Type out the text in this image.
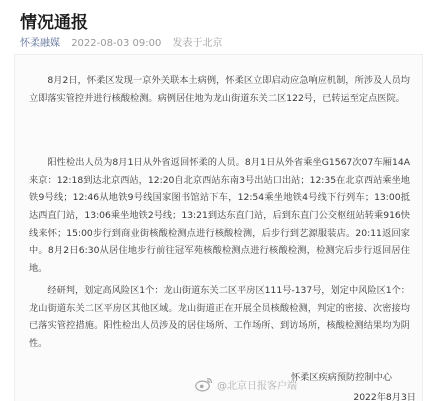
情况通报
怀柔融媒 2022-08-03 09:00 发表于北京

8月2日，怀柔区发现一京外关联本土病例，怀柔区立即启动应急响应机制，所涉及人员均立即落实管控并进行核酸检测。病例居住地为龙山街道东关二区122号，已转运至定点医院。

阳性检出人员为8月1日从外省返回怀柔的人员。8月1日从外省乘坐G1567次07车厢14A来京：12:18到达北京西站，12:20自北京西站东南3号出站口出站；12:35在北京西站乘坐地铁9号线；12:46从地铁9号线国家图书馆站下车，12:54乘坐地铁4号线下行列车；13:00抵达西直门站，13:06乘坐地铁2号线；13:21到达东直门站，后到东直门公交枢纽站转乘916快线来怀；15:00步行到商业街核酸检测点进行核酸检测，后步行到艺源服装店。20:11返回家中。8月2日6:30从居住地步行前往冠军苑核酸检测点进行核酸检测，检测完后步行返回居住地。

经研判，划定高风险区1个：龙山街道东关二区平房区111号-137号，划定中风险区1个：龙山街道东关二区平房区其他区域。龙山街道正在开展全员核酸检测，判定的密接、次密接均已落实管控措施。阳性检出人员涉及的居住场所、工作场所、到访场所，核酸检测结果均为阴性。

怀柔区疾病预防控制中心
@北京日报客户端
2022年8月3日
